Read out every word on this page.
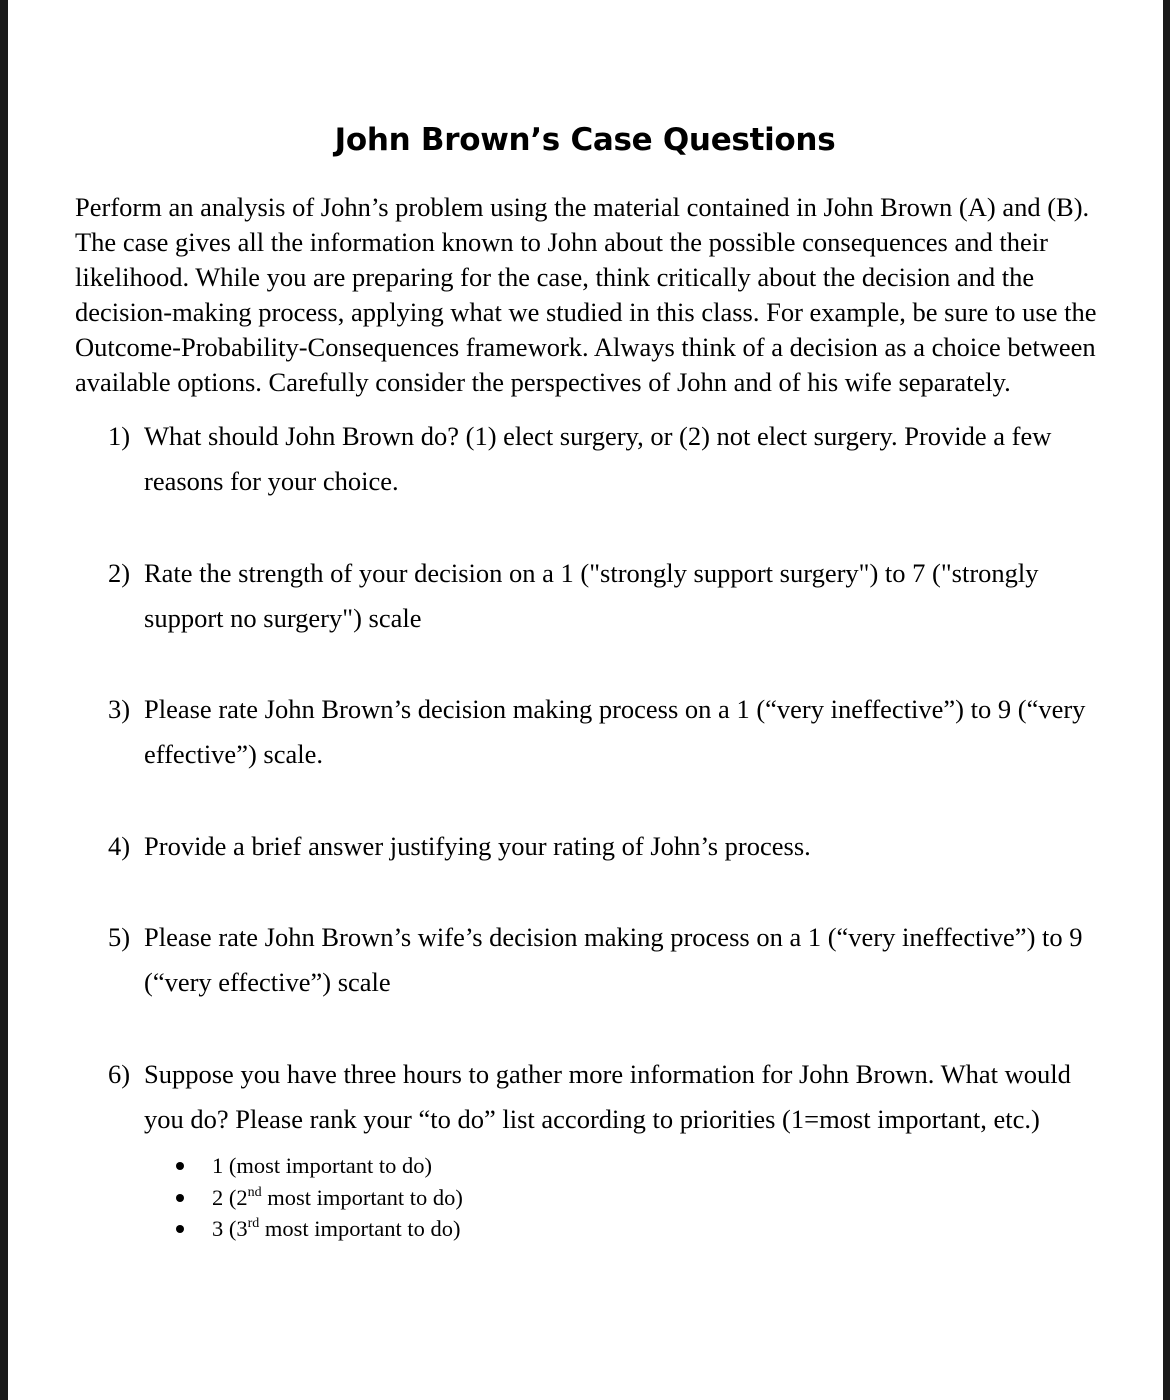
John Brown’s Case Questions

Perform an analysis of John’s problem using the material contained in John Brown (A) and (B).
The case gives all the information known to John about the possible consequences and their
likelihood. While you are preparing for the case, think critically about the decision and the
decision-making process, applying what we studied in this class. For example, be sure to use the
Outcome-Probability-Consequences framework. Always think of a decision as a choice between
available options. Carefully consider the perspectives of John and of his wife separately.

1) What should John Brown do? (1) elect surgery, or (2) not elect surgery. Provide a few
reasons for your choice.
2) Rate the strength of your decision on a 1 ("strongly support surgery") to 7 ("strongly
support no surgery") scale
3) Please rate John Brown’s decision making process on a 1 (“very ineffective”) to 9 (“very
effective”) scale.
4) Provide a brief answer justifying your rating of John’s process.
5) Please rate John Brown’s wife’s decision making process on a 1 (“very ineffective”) to 9
(“very effective”) scale
6) Suppose you have three hours to gather more information for John Brown. What would
you do? Please rank your “to do” list according to priorities (1=most important, etc.)
1 (most important to do)
2 (2nd most important to do)
3 (3rd most important to do)
